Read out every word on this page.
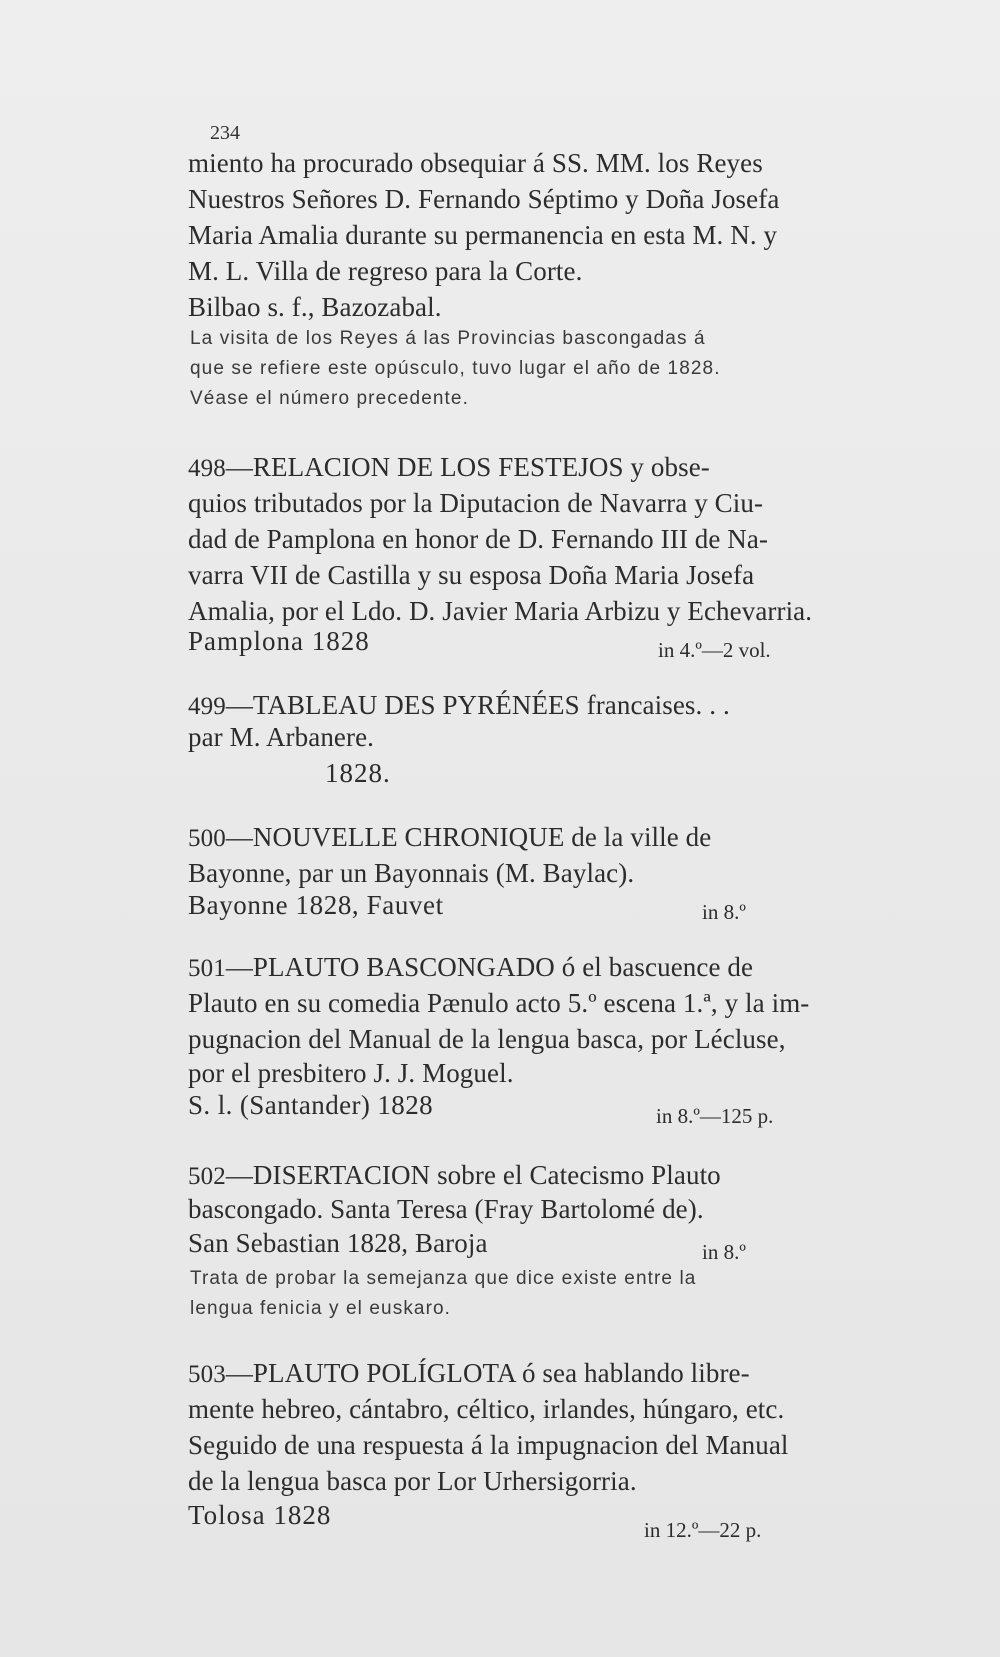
234
miento ha procurado obsequiar á SS. MM. los Reyes
Nuestros Señores D. Fernando Séptimo y Doña Josefa
Maria Amalia durante su permanencia en esta M. N. y
M. L. Villa de regreso para la Corte.
Bilbao s. f., Bazozabal.
La visita de los Reyes á las Provincias bascongadas á
que se refiere este opúsculo, tuvo lugar el año de 1828.
Véase el número precedente.
498—RELACION DE LOS FESTEJOS y obse-
quios tributados por la Diputacion de Navarra y Ciu-
dad de Pamplona en honor de D. Fernando III de Na-
varra VII de Castilla y su esposa Doña Maria Josefa
Amalia, por el Ldo. D. Javier Maria Arbizu y Echevarria.
Pamplona 1828	in 4.º—2 vol.
499—TABLEAU DES PYRÉNÉES francaises. . .
par M. Arbanere.
1828.
500—NOUVELLE CHRONIQUE de la ville de
Bayonne, par un Bayonnais (M. Baylac).
Bayonne 1828, Fauvet	in 8.º
501—PLAUTO BASCONGADO ó el bascuence de
Plauto en su comedia Pænulo acto 5.º escena 1.ª, y la im-
pugnacion del Manual de la lengua basca, por Lécluse,
por el presbitero J. J. Moguel.
S. l. (Santander) 1828	in 8.º—125 p.
502—DISERTACION sobre el Catecismo Plauto
bascongado. Santa Teresa (Fray Bartolomé de).
San Sebastian 1828, Baroja	in 8.º
Trata de probar la semejanza que dice existe entre la
lengua fenicia y el euskaro.
503—PLAUTO POLÍGLOTA ó sea hablando libre-
mente hebreo, cántabro, céltico, irlandes, húngaro, etc.
Seguido de una respuesta á la impugnacion del Manual
de la lengua basca por Lor Urhersigorria.
Tolosa 1828	in 12.º—22 p.
